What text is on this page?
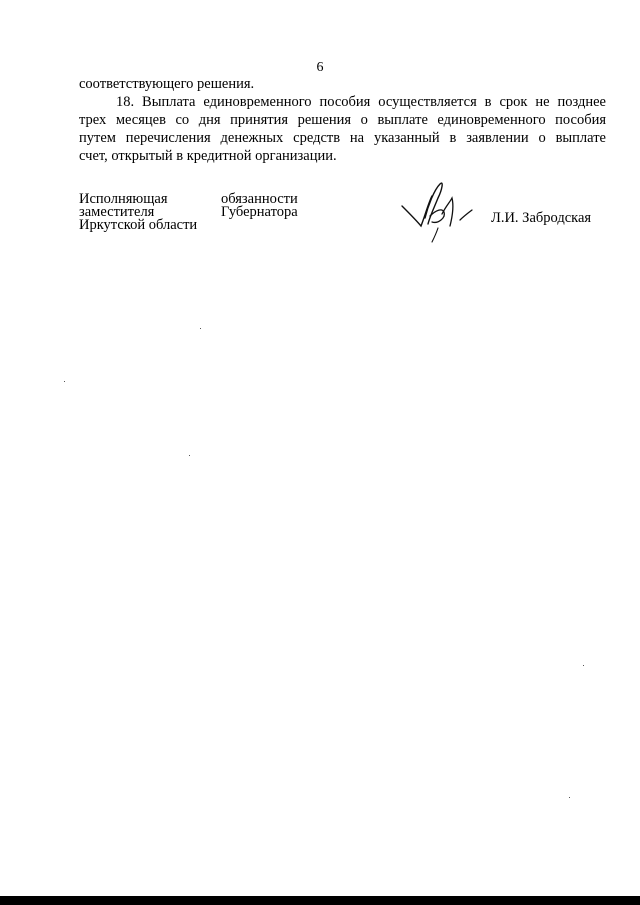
6
соответствующего решения.
18. Выплата единовременного пособия осуществляется в срок не позднее
трех месяцев со дня принятия решения о выплате единовременного пособия
путем перечисления денежных средств на указанный в заявлении о выплате
счет, открытый в кредитной организации.
Исполняющая	обязанности
заместителя	Губернатора
Иркутской области	Л.И. Забродская
